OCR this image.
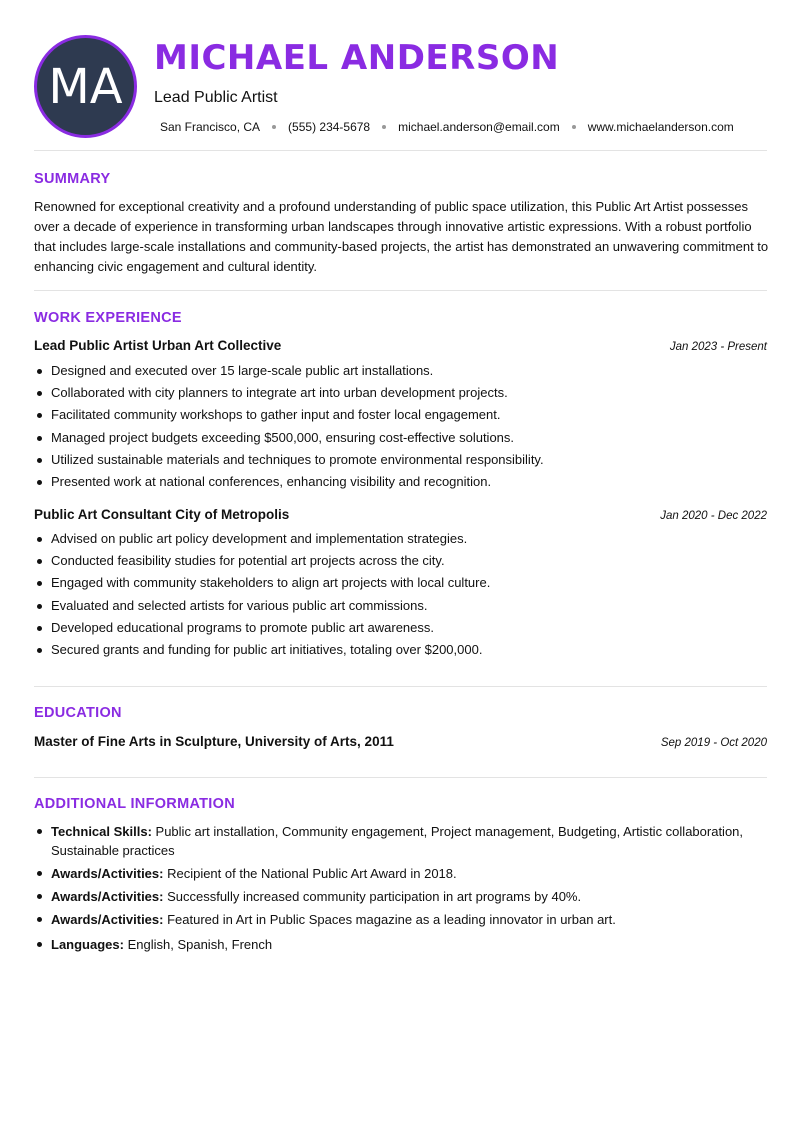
MA
MICHAEL ANDERSON
Lead Public Artist
San Francisco, CA (555) 234-5678 michael.anderson@email.com www.michaelanderson.com
SUMMARY
Renowned for exceptional creativity and a profound understanding of public space utilization, this Public Art Artist possesses over a decade of experience in transforming urban landscapes through innovative artistic expressions. With a robust portfolio that includes large-scale installations and community-based projects, the artist has demonstrated an unwavering commitment to enhancing civic engagement and cultural identity.
WORK EXPERIENCE
Lead Public Artist Urban Art Collective	Jan 2023 - Present
Designed and executed over 15 large-scale public art installations.
Collaborated with city planners to integrate art into urban development projects.
Facilitated community workshops to gather input and foster local engagement.
Managed project budgets exceeding $500,000, ensuring cost-effective solutions.
Utilized sustainable materials and techniques to promote environmental responsibility.
Presented work at national conferences, enhancing visibility and recognition.
Public Art Consultant City of Metropolis	Jan 2020 - Dec 2022
Advised on public art policy development and implementation strategies.
Conducted feasibility studies for potential art projects across the city.
Engaged with community stakeholders to align art projects with local culture.
Evaluated and selected artists for various public art commissions.
Developed educational programs to promote public art awareness.
Secured grants and funding for public art initiatives, totaling over $200,000.
EDUCATION
Master of Fine Arts in Sculpture, University of Arts, 2011	Sep 2019 - Oct 2020
ADDITIONAL INFORMATION
Technical Skills: Public art installation, Community engagement, Project management, Budgeting, Artistic collaboration, Sustainable practices
Awards/Activities: Recipient of the National Public Art Award in 2018.
Awards/Activities: Successfully increased community participation in art programs by 40%.
Awards/Activities: Featured in Art in Public Spaces magazine as a leading innovator in urban art.
Languages: English, Spanish, French
